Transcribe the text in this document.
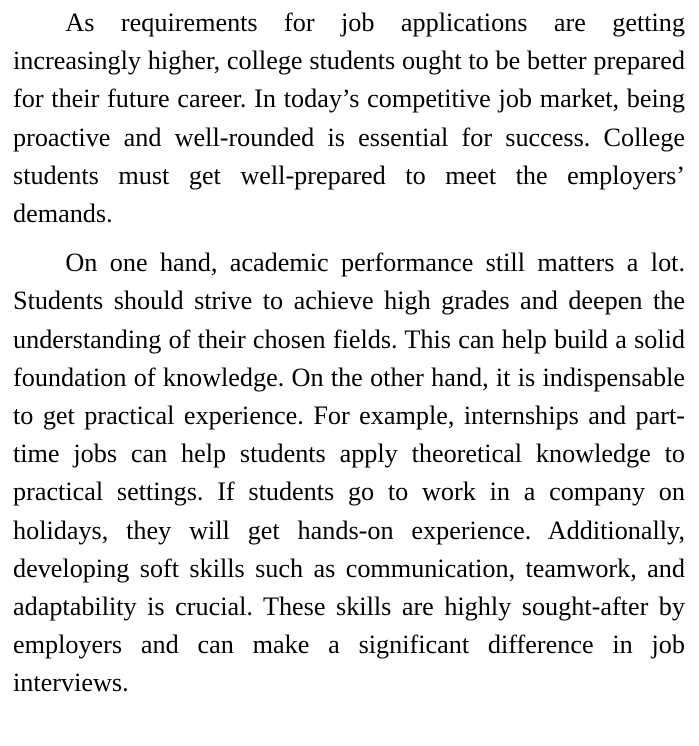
As requirements for job applications are getting increasingly higher, college students ought to be better prepared for their future career. In today’s competitive job market, being proactive and well-rounded is essential for success. College students must get well-prepared to meet the employers’ demands.

On one hand, academic performance still matters a lot. Students should strive to achieve high grades and deepen the understanding of their chosen fields. This can help build a solid foundation of knowledge. On the other hand, it is indispensable to get practical experience. For example, internships and part-time jobs can help students apply theoretical knowledge to practical settings. If students go to work in a company on holidays, they will get hands-on experience. Additionally, developing soft skills such as communication, teamwork, and adaptability is crucial. These skills are highly sought-after by employers and can make a significant difference in job interviews.
